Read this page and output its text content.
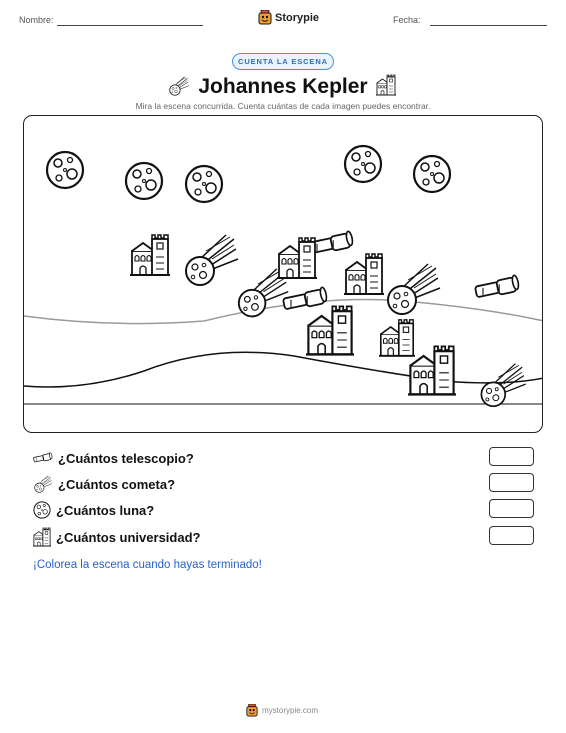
Nombre:	Storypie	Fecha:
CUENTA LA ESCENA
Johannes Kepler
Mira la escena concurrida. Cuenta cuántas de cada imagen puedes encontrar.
¿Cuántos telescopio?
¿Cuántos cometa?
¿Cuántos luna?
¿Cuántos universidad?
¡Colorea la escena cuando hayas terminado!
mystorypie.com
